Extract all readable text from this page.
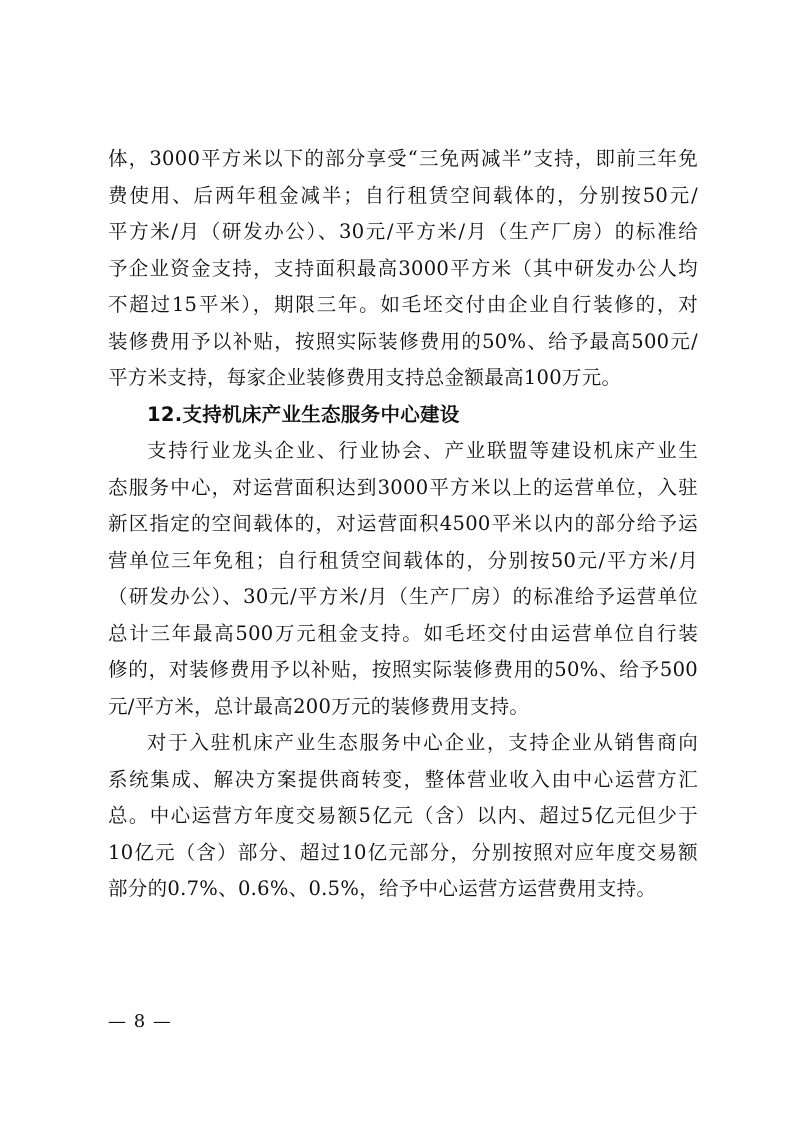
体，3000平方米以下的部分享受“三免两减半”支持，即前三年免
费使用、后两年租金减半；自行租赁空间载体的，分别按50元/
平方米/月（研发办公）、30元/平方米/月（生产厂房）的标准给
予企业资金支持，支持面积最高3000平方米（其中研发办公人均
不超过15平米），期限三年。如毛坯交付由企业自行装修的，对
装修费用予以补贴，按照实际装修费用的50%、给予最高500元/
平方米支持，每家企业装修费用支持总金额最高100万元。
12.支持机床产业生态服务中心建设
支持行业龙头企业、行业协会、产业联盟等建设机床产业生
态服务中心，对运营面积达到3000平方米以上的运营单位，入驻
新区指定的空间载体的，对运营面积4500平米以内的部分给予运
营单位三年免租；自行租赁空间载体的，分别按50元/平方米/月
（研发办公）、30元/平方米/月（生产厂房）的标准给予运营单位
总计三年最高500万元租金支持。如毛坯交付由运营单位自行装
修的，对装修费用予以补贴，按照实际装修费用的50%、给予500
元/平方米，总计最高200万元的装修费用支持。
对于入驻机床产业生态服务中心企业，支持企业从销售商向
系统集成、解决方案提供商转变，整体营业收入由中心运营方汇
总。中心运营方年度交易额5亿元（含）以内、超过5亿元但少于
10亿元（含）部分、超过10亿元部分，分别按照对应年度交易额
部分的0.7%、0.6%、0.5%，给予中心运营方运营费用支持。
— 8 —
